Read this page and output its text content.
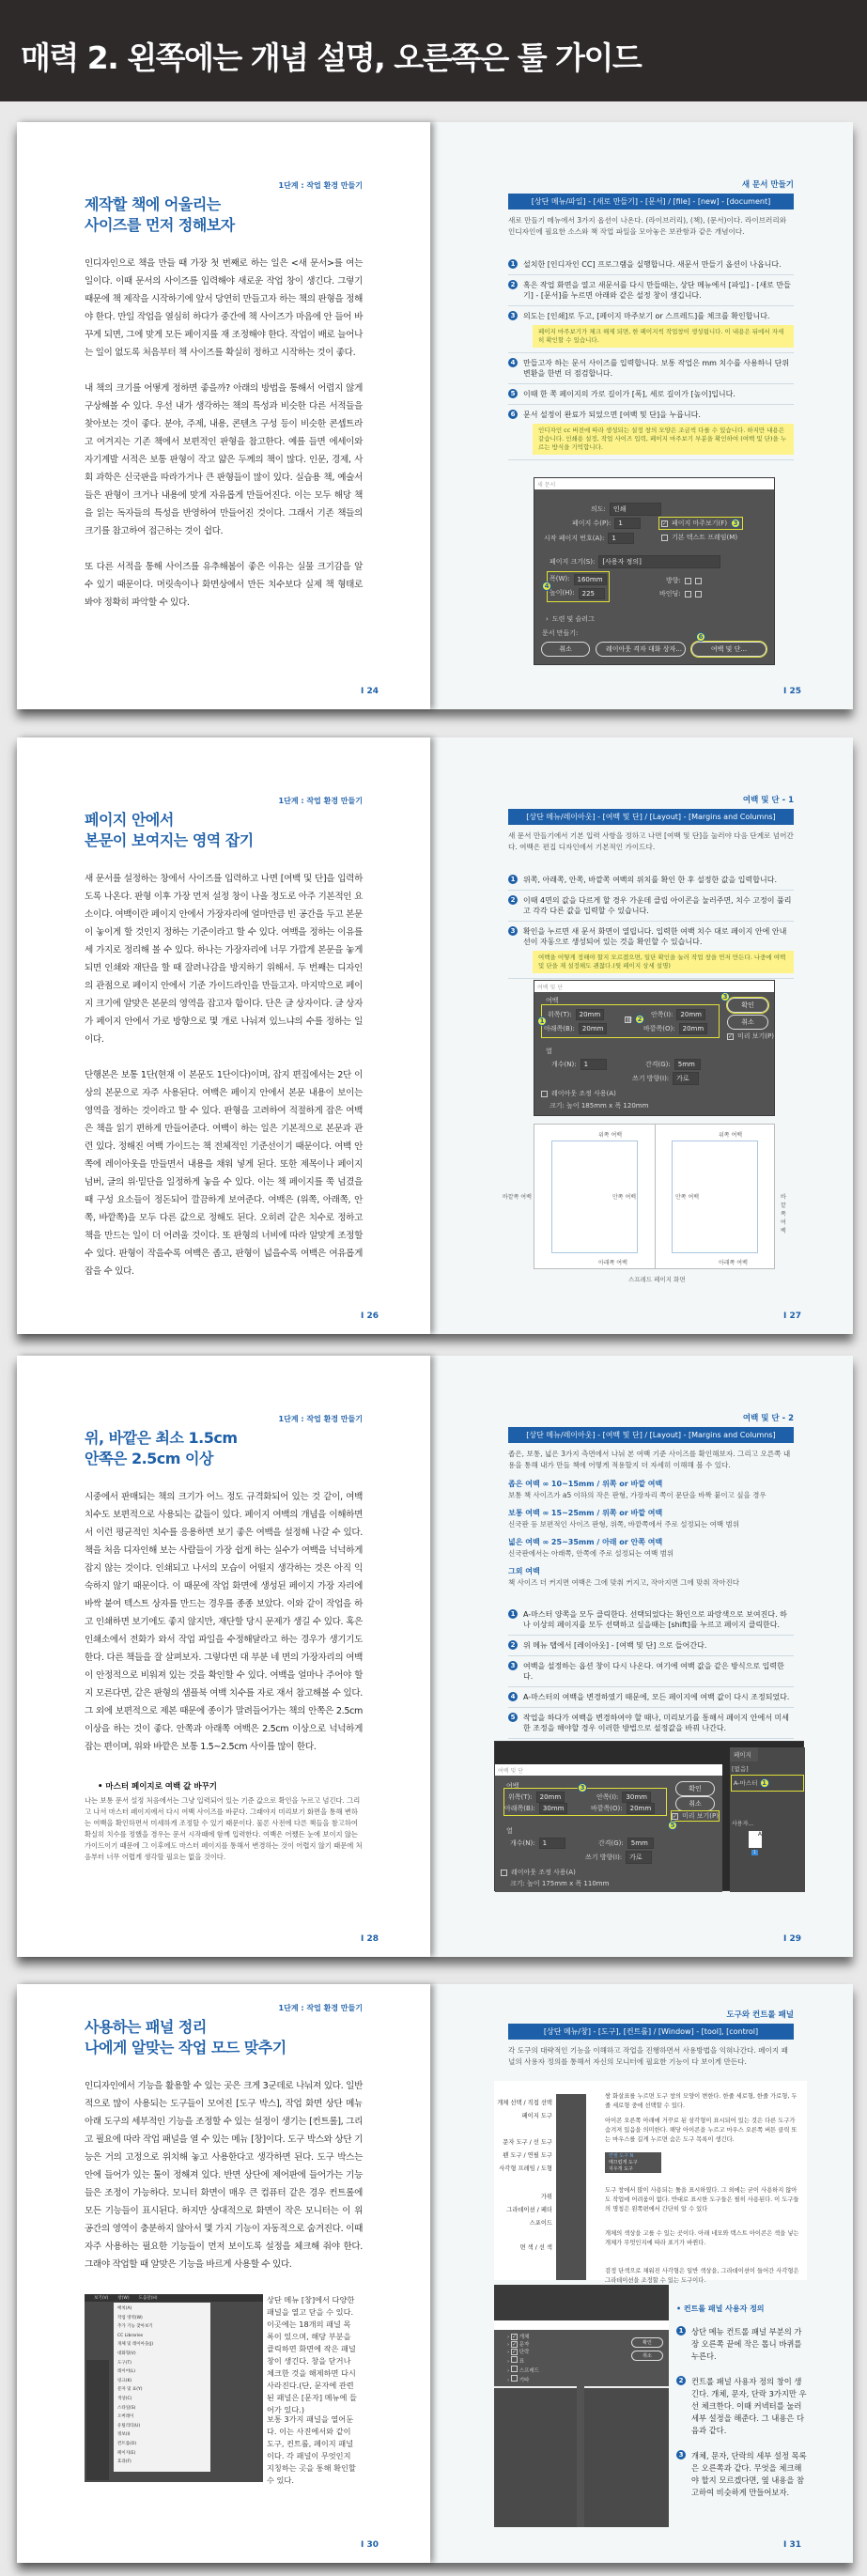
매력 2. 왼쪽에는 개념 설명, 오른쪽은 툴 가이드
1단계 : 작업 환경 만들기
제작할 책에 어울리는
사이즈를 먼저 정해보자

인디자인으로 책을 만들 때 가장 첫 번째로 하는 일은 <새 문서>를 여는 일이다. 이때 문서의 사이즈를 입력해야 새로운 작업 창이 생긴다. 그렇기 때문에 책 제작을 시작하기에 앞서 당연히 만들고자 하는 책의 판형을 정해야 한다. 만일 작업을 열심히 하다가 중간에 책 사이즈가 마음에 안 들어 바꾸게 되면, 그에 맞게 모든 페이지를 재 조정해야 한다. 작업이 배로 늘어나는 일이 없도록 처음부터 책 사이즈를 확실히 정하고 시작하는 것이 좋다.

내 책의 크기를 어떻게 정하면 좋을까? 아래의 방법을 통해서 어렵지 않게 구상해볼 수 있다. 우선 내가 생각하는 책의 특성과 비슷한 다른 서적들을 찾아보는 것이 좋다. 분야, 주제, 내용, 콘텐츠 구성 등이 비슷한 콘셉트라고 여겨지는 기존 책에서 보편적인 판형을 참고한다. 예를 들면 에세이와 자기계발 서적은 보통 판형이 작고 얇은 두께의 책이 많다. 인문, 경제, 사회 과학은 신국판을 따라가거나 큰 판형들이 많이 있다. 실습용 책, 예술서들은 판형이 크거나 내용에 맞게 자유롭게 만들어진다. 이는 모두 해당 책을 읽는 독자들의 특성을 반영하여 만들어진 것이다. 그래서 기존 책들의 크기를 참고하여 접근하는 것이 쉽다.

또 다른 서적을 통해 사이즈를 유추해봄이 좋은 이유는 실물 크기감을 알 수 있기 때문이다. 머릿속이나 화면상에서 만든 치수보다 실제 책 형태로 봐야 정확히 파악할 수 있다.

I 24
새 문서 만들기
[상단 메뉴/파일] - [새로 만들기] - [문서] / [file] - [new] - [document]
새로 만들기 메뉴에서 3가지 옵션이 나온다. (라이브러리), (책), (문서)이다. 라이브러리와 인디자인에 필요한 소스와 책 작업 파일을 모아놓은 보관함과 같은 개념이다.
1	설치한 [인디자인 CC] 프로그램을 실행합니다. 새문서 만들기 옵션이 나옵니다.
2	혹은 작업 화면을 열고 새문서를 다시 만들때는, 상단 메뉴에서 [파일] - [새로 만들기] - [문서]를 누르면 아래와 같은 설정 창이 생깁니다.
3	의도는 [인쇄]로 두고, [페이지 마주보기 or 스프레드]를 체크를 확인합니다.
페이지 마주보기가 체크 해제 되면, 한 페이지씩 작업창이 생성됩니다. 이 내용은 뒤에서 자세히 확인할 수 있습니다.
4	만들고자 하는 문서 사이즈를 입력합니다. 보통 작업은 mm 치수를 사용하니 단위 변환을 한번 더 점검합니다.
5	이때 한 쪽 페이지의 가로 길이가 [폭], 세로 길이가 [높이]입니다.
6	문서 설정이 완료가 되었으면 [여백 및 단]을 누릅니다.
인디자인 cc 버전에 따라 생성되는 설정 창의 모양은 조금씩 다를 수 있습니다. 하지만 내용은 같습니다. 인쇄용 설정, 작업 사이즈 입력, 페이지 마주보기 부분을 확인하여 (여백 및 단)을 누르는 방식을 기억합니다.
새 문서
의도:	인쇄
페이지 수(P):	1
시작 페이지 번호(A):	1
✓ 페이지 마주보기(F) 3
기본 텍스트 프레임(M)
페이지 크기(S):	[사용자 정의]
폭(W):	160mm
높이(H):	225
4
방향:
바인딩:
› 도련 및 슬러그
문서 만들기:
취소	레이아웃 격자 대화 상자...	여백 및 단...
6
I 25
1단계 : 작업 환경 만들기
페이지 안에서
본문이 보여지는 영역 잡기

새 문서를 설정하는 창에서 사이즈를 입력하고 나면 [여백 및 단]을 입력하도록 나온다. 판형 이후 가장 먼저 설정 창이 나올 정도로 아주 기본적인 요소이다. 여백이란 페이지 안에서 가장자리에 얼마만큼 빈 공간을 두고 본문이 놓이게 할 것인지 정하는 기준이라고 할 수 있다. 여백을 정하는 이유를 세 가지로 정리해 볼 수 있다. 하나는 가장자리에 너무 가깝게 본문을 놓게 되면 인쇄와 재단을 할 때 잘려나감을 방지하기 위해서. 두 번째는 디자인의 관점으로 페이지 안에서 기준 가이드라인을 만들고자. 마지막으로 페이지 크기에 알맞은 본문의 영역을 잡고자 함이다. 단은 글 상자이다. 글 상자가 페이지 안에서 가로 방향으로 몇 개로 나눠져 있느냐의 수를 정하는 일이다.

단행본은 보통 1단(현재 이 본문도 1단이다)이며, 잡지 편집에서는 2단 이상의 본문으로 자주 사용된다. 여백은 페이지 안에서 본문 내용이 보이는 영역을 정하는 것이라고 할 수 있다. 판형을 고려하여 적절하게 잡은 여백은 책을 읽기 편하게 만들어준다. 여백이 하는 일은 기본적으로 본문과 관련 있다. 정해진 여백 가이드는 책 전체적인 기준선이기 때문이다. 여백 안쪽에 레이아웃을 만들면서 내용을 채워 넣게 된다. 또한 제목이나 페이지 넘버, 글의 위·밑단을 일정하게 놓을 수 있다. 이는 책 페이지를 쭉 넘겼을 때 구성 요소들이 정돈되어 깔끔하게 보여준다. 여백은 (위쪽, 아래쪽, 안쪽, 바깥쪽)을 모두 다른 값으로 정해도 된다. 오히려 같은 치수로 정하고 책을 만드는 일이 더 어려울 것이다. 또 판형의 너비에 따라 알맞게 조정할 수 있다. 판형이 작을수록 여백은 좁고, 판형이 넓을수록 여백은 여유롭게 잡을 수 있다.

I 26
여백 및 단 - 1
[상단 메뉴/레이아웃] - [여백 및 단] / [Layout] - [Margins and Columns]
새 문서 만들기에서 기본 입력 사항을 정하고 나면 [여백 및 단]을 눌러야 다음 단계로 넘어간다. 여백은 편집 디자인에서 기본적인 가이드다.
1	위쪽, 아래쪽, 안쪽, 바깥쪽 여백의 위치를 확인 한 후 설정한 값을 입력합니다.
2	이때 4면의 값을 다르게 할 경우 가운데 클립 아이콘을 눌러주면, 치수 고정이 풀리고 각각 다른 값을 입력할 수 있습니다.
3	확인을 누르면 새 문서 화면이 열립니다. 입력한 여백 치수 대로 페이지 안에 안내선이 자동으로 생성되어 있는 것을 확인할 수 있습니다.
여백을 어떻게 정해야 할지 모르겠으면, 일단 확인을 눌러 작업 창을 먼저 만든다. 나중에 여백 및 단을 재 설정해도 괜찮다.(뒷 페이지 상세 설명)
여백 및 단
여백
위쪽(T):	20mm
아래쪽(B):	20mm
⛓ 2
안쪽(I):	20mm
바깥쪽(O):	20mm
1
확인
3
취소
✓ 미리 보기(P)
열
개수(N):	1	간격(G):	5mm
쓰기 방향(I):	가로
레이아웃 조정 사용(A)
크기: 높이 185mm x 폭 120mm
위쪽 여백	위쪽 여백
아래쪽 여백	아래쪽 여백
안쪽 여백	안쪽 여백
바깥쪽 여백	바깥쪽 여백
스프레드 페이지 화면
I 27
1단계 : 작업 환경 만들기
위, 바깥은 최소 1.5cm
안쪽은 2.5cm 이상

시중에서 판매되는 책의 크기가 어느 정도 규격화되어 있는 것 같이, 여백 치수도 보편적으로 사용되는 값들이 있다. 페이지 여백의 개념을 이해하면서 이런 평균적인 치수를 응용하면 보기 좋은 여백을 설정해 나갈 수 있다. 책을 처음 디자인해 보는 사람들이 가장 쉽게 하는 실수가 여백을 넉넉하게 잡지 않는 것이다. 인쇄되고 나서의 모습이 어떨지 생각하는 것은 아직 익숙하지 않기 때문이다. 이 때문에 작업 화면에 생성된 페이지 가장 자리에 바싹 붙여 텍스트 상자를 만드는 경우를 종종 보았다. 이와 같이 작업을 하고 인쇄하면 보기에도 좋지 않지만, 재단할 당시 문제가 생길 수 있다. 혹은 인쇄소에서 전화가 와서 작업 파일을 수정해달라고 하는 경우가 생기기도 한다. 다른 책들을 잘 살펴보자. 그렇다면 대 부분 네 면의 가장자리의 여백이 안정적으로 비워져 있는 것을 확인할 수 있다. 여백을 얼마나 주어야 할지 모른다면, 같은 판형의 샘플북 여백 치수를 자로 재서 참고해볼 수 있다. 그 외에 보편적으로 제본 때문에 종이가 말려들어가는 책의 안쪽은 2.5cm 이상을 하는 것이 좋다. 안쪽과 아래쪽 여백은 2.5cm 이상으로 넉넉하게 잡는 편이며, 위와 바깥은 보통 1.5~2.5cm 사이를 많이 한다.

• 마스터 페이지로 여백 값 바꾸기
나는 보통 문서 설정 처음에서는 그냥 입력되어 있는 기준 값으로 확인을 누르고 넘긴다. 그리고 나서 마스터 페이지에서 다시 여백 사이즈를 바꾼다. 그래야지 미리보기 화면을 통해 변하는 여백을 확인하면서 미세하게 조정할 수 있기 때문이다. 물론 사전에 다른 책들을 참고하여 확실히 치수를 정했을 경우는 문서 시작때에 함께 입력한다. 여백은 어쨌든 눈에 보이지 않는 가이드이기 때문에 그 이후에도 마스터 페이지를 통해서 변경하는 것이 어렵지 않기 때문에 처음부터 너무 어렵게 생각할 필요는 없을 것이다.
I 28
여백 및 단 - 2
[상단 메뉴/레이아웃] - [여백 및 단] / [Layout] - [Margins and Columns]
좁은, 보통, 넓은 3가지 측면에서 나눠 본 여백 기준 사이즈를 확인해보자. 그리고 오른쪽 내용을 통해 내가 만들 책에 어떻게 적용할지 더 자세히 이해해 볼 수 있다.
좁은 여백 ∞ 10~15mm / 위쪽 or 바깥 여백
보통 책 사이즈가 a5 이하의 작은 판형, 가장자리 쪽이 문단을 바짝 붙이고 싶을 경우
보통 여백 ∞ 15~25mm / 위쪽 or 바깥 여백
신국판 등 보편적인 사이즈 판형, 위쪽, 바깥쪽에서 주로 설정되는 여백 범위
넓은 여백 ∞ 25~35mm / 아래 or 안쪽 여백
신국판에서는 아래쪽, 안쪽에 주로 설정되는 여백 범위
그외 여백
책 사이즈 더 커지면 여백은 그에 맞춰 커지고, 작아지면 그에 맞춰 작아진다
1	A-마스터 양쪽을 모두 클릭한다. 선택되었다는 확인으로 파랑색으로 보여진다. 하나 이상의 페이지를 모두 선택하고 싶을때는 [shift]를 누르고 페이지 클릭한다.
2	위 메뉴 탭에서 [레이아웃] - [여백 및 단] 으로 들어간다.
3	여백을 설정하는 옵션 창이 다시 나온다. 여기에 여백 값을 같은 방식으로 입력한다.
4	A-마스터의 여백을 변경하였기 때문에, 모든 페이지에 여백 값이 다시 조정되었다.
5	작업을 하다가 여백을 변경하여야 할 때나, 미리보기를 통해서 페이지 안에서 미세한 조정을 해야할 경우 이러한 방법으로 설정값을 바꿔 나간다.
여백 및 단
여백
위쪽(T):	20mm
아래쪽(B):	30mm
안쪽(I):	30mm
바깥쪽(O):	20mm
3	확인
취소
✓ 미리 보기(P)
5
열
개수(N):	1	간격(G):	5mm
쓰기 방향(I):	가로
레이아웃 조정 사용(A)
크기: 높이 175mm x 폭 110mm
페이지
[없음]
A-마스터 1
사용자...
A
1
I 29
1단계 : 작업 환경 만들기
사용하는 패널 정리
나에게 알맞는 작업 모드 맞추기

인디자인에서 기능을 활용할 수 있는 곳은 크게 3군데로 나눠져 있다. 일반적으로 많이 사용되는 도구들이 모여진 [도구 박스], 작업 화면 상단 메뉴 아래 도구의 세부적인 기능을 조정할 수 있는 설정이 생기는 [컨트롤], 그리고 필요에 따라 작업 패널을 열 수 있는 메뉴 [창]이다. 도구 박스와 상단 기능은 거의 고정으로 위치해 놓고 사용한다고 생각하면 된다. 도구 박스는 안에 들어가 있는 툴이 정해져 있다. 반면 상단에 제어판에 들어가는 기능들은 조정이 가능하다. 모니터 화면이 매우 큰 컴퓨터 같은 경우 컨트롤에 모든 기능들이 표시된다. 하지만 상대적으로 화면이 작은 모니터는 이 위 공간의 영역이 충분하지 않아서 몇 가지 기능이 자동적으로 숨겨진다. 이때 자주 사용하는 필요한 기능들이 먼저 보이도록 설정을 체크해 줘야 한다. 그래야 작업할 때 알맞은 기능을 바르게 사용할 수 있다.

보기(V) 창(W) 도움말(H)
배치(A)
작업 영역(W)
추가 기능 찾아보기
CC Libraries
개체 및 레이아웃(J)
대화형(V)
도구(T)
레이어(L)
링크(K)
문자 및 표(Y)
색상(C)
스타일(S)
오버레이
유틸리티(U)
정보(I)
컨트롤(O)
페이지(E)
효과(F)
상단 메뉴 [창]에서 다양한 패널을 열고 닫을 수 있다. 이곳에는 18개의 패널 목록이 있으며, 해당 부분을 클릭하면 화면에 작은 패널 창이 생긴다. 창을 닫거나 체크한 것을 해제하면 다시 사라진다.(단, 문자에 관련된 패널은 [문자] 메뉴에 들어가 있다.)
보통 3가지 패널을 열어둔다. 이는 사진에서와 같이 도구, 컨트롤, 페이지 패널이다. 각 패널이 무엇인지 지칭하는 곳을 통해 확인할 수 있다.
I 30
도구와 컨트롤 패널
[상단 메뉴/창] - [도구], [컨트롤] / [Window] - [tool], [control]
각 도구의 대략적인 기능을 이해하고 작업을 진행하면서 사용방법을 익혀나간다. 페이지 패널의 사용자 정의를 통해서 자신의 모니터에 필요한 기능이 다 보이게 만든다.
개체 선택 / 직접 선택
페이지 도구
문자 도구 / 선 도구
펜 도구 / 연필 도구
사각형 프레임 / 도형
가위
그라데이션 / 페더
스포이드
면 색 / 선 색
쌍 화살표를 누르면 도구 창의 모양이 변한다. 한줄 세로형, 한줄 가로형, 두줄 세로형 중에 선택할 수 있다.
아이콘 오른쪽 아래에 거꾸로 된 삼각형이 표시되어 있는 것은 다른 도구가 숨겨져 있음을 의미한다. 해당 아이콘을 누르고 마우스 오른쪽 버튼 클릭 또는 마우스를 길게 누르면 숨은 도구 목록이 생긴다.
도구 창에서 많이 사용되는 툴을 표시하였다. 그 외에는 굳이 사용하지 않아도 작업에 어려움이 없다. 반대로 표시한 도구들은 필히 사용된다. 이 도구들의 명칭은 왼쪽편에서 간단히 알 수 있다
개체의 색상을 고를 수 있는 곳이다. 아래 네모와 텍스트 아이콘은 색을 넣는 개체가 무엇인지에 따라 표기가 바뀐다.
검정 단색으로 채워진 사각형은 일반 색상을, 그라데이션이 들어간 사각형은 그라데이션을 조정할 수 있는 도구이다.
연필 도구 N
매끄럽게 도구
지우개 도구
› ✓ 개체
› ✓ 문자
› ✓ 단락
›  표
›  스프레드
›  기타
확인
취소
• 컨트롤 패널 사용자 정의
1	상단 메뉴 컨트롤 패널 부분의 가장 오른쪽 끝에 작은 톱니 바퀴를 누른다.
2	컨트롤 패널 사용자 정의 창이 생긴다. 개체, 문자, 단락 3가지만 우선 체크한다. 이때 커넥터를 눌러 세부 설정을 해준다. 그 내용은 다음과 같다.
3	개체, 문자, 단락의 세부 설정 목록은 오른쪽과 같다. 무엇을 체크해야 할지 모르겠다면, 옆 내용을 참고하여 비슷하게 만들어보자.
I 31
